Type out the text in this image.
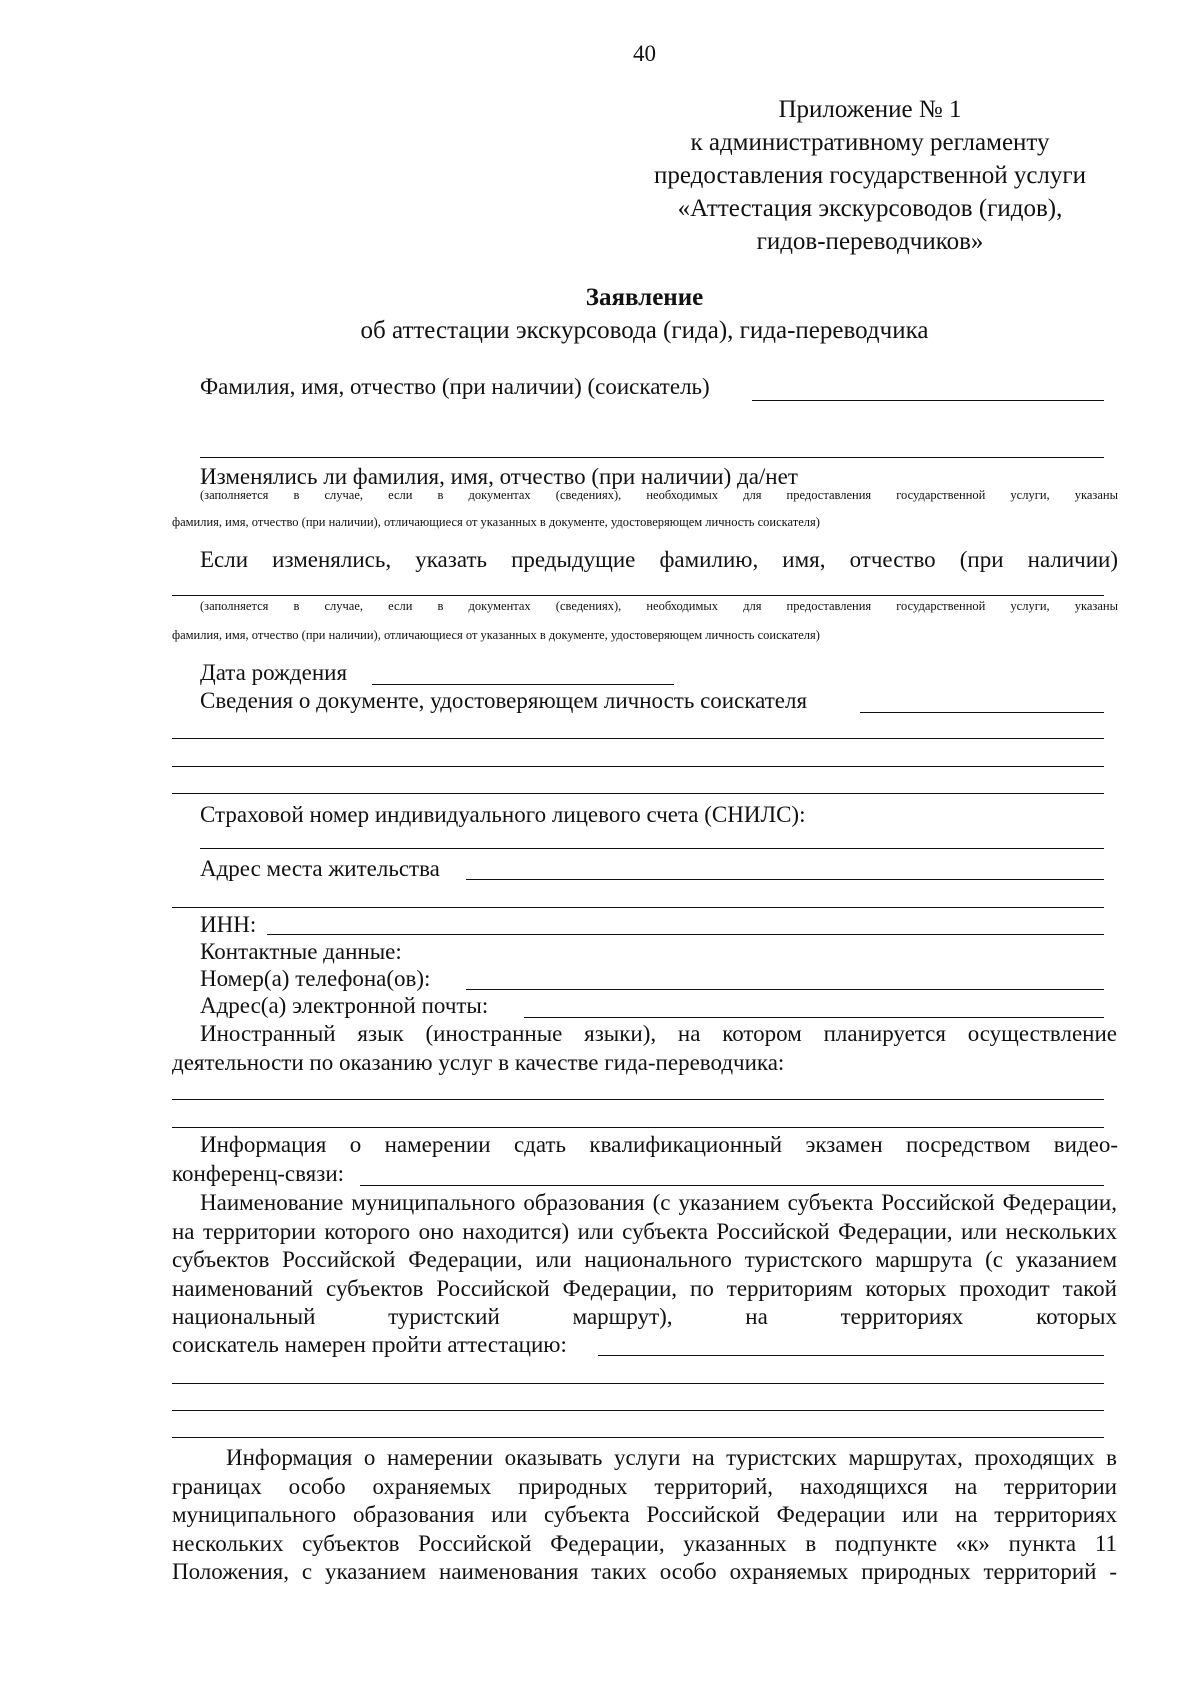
40
Приложение № 1
к административному регламенту
предоставления государственной услуги
«Аттестация экскурсоводов (гидов),
гидов-переводчиков»
Заявление
об аттестации экскурсовода (гида), гида-переводчика
Фамилия, имя, отчество (при наличии) (соискатель)
Изменялись ли фамилия, имя, отчество (при наличии) да/нет
(заполняется в случае, если в документах (сведениях), необходимых для предоставления государственной услуги, указаны
фамилия, имя, отчество (при наличии), отличающиеся от указанных в документе, удостоверяющем личность соискателя)
Если изменялись, указать предыдущие фамилию, имя, отчество (при наличии)
(заполняется в случае, если в документах (сведениях), необходимых для предоставления государственной услуги, указаны
фамилия, имя, отчество (при наличии), отличающиеся от указанных в документе, удостоверяющем личность соискателя)
Дата рождения
Сведения о документе, удостоверяющем личность соискателя
Страховой номер индивидуального лицевого счета (СНИЛС):
Адрес места жительства
ИНН:
Контактные данные:
Номер(а) телефона(ов):
Адрес(а) электронной почты:
Иностранный язык (иностранные языки), на котором планируется осуществление деятельности по оказанию услуг в качестве гида-переводчика:
Информация о намерении сдать квалификационный экзамен посредством видео-
конференц-связи:
Наименование муниципального образования (с указанием субъекта Российской Федерации, на территории которого оно находится) или субъекта Российской Федерации, или нескольких субъектов Российской Федерации, или национального туристского маршрута (с указанием наименований субъектов Российской Федерации, по территориям которых проходит такой национальный туристский маршрут), на территориях которых
соискатель намерен пройти аттестацию:
Информация о намерении оказывать услуги на туристских маршрутах, проходящих в границах особо охраняемых природных территорий, находящихся на территории муниципального образования или субъекта Российской Федерации или на территориях нескольких субъектов Российской Федерации, указанных в подпункте «к» пункта 11 Положения, с указанием наименования таких особо охраняемых природных территорий -
